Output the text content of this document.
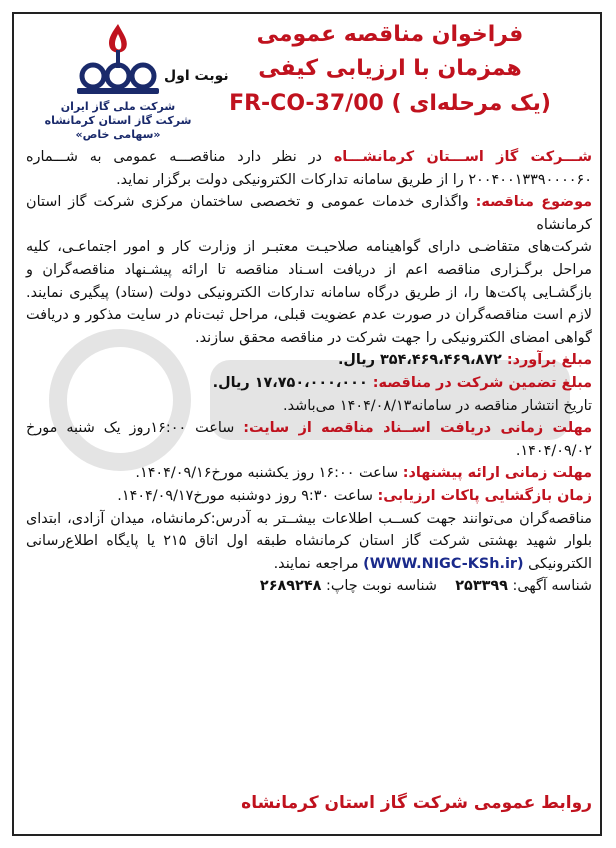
شرکت ملی گاز ایران
شرکت گاز استان کرمانشاه
«سهامی خاص»
نوبت اول
فراخوان مناقصه عمومی
همزمان با ارزیابی کیفی
(یک مرحله‌ای ) FR-CO-37/00

شـــرکت گاز اســـتان کرمانشـــاه در نظر دارد مناقصـــه عمومی به شـــماره ۲۰۰۴۰۰۱۳۳۹۰۰۰۰۶۰ را از طریق سامانه تدارکات الکترونیکی دولت برگزار نماید.

موضوع مناقصه: واگذاری خدمات عمومی و تخصصی ساختمان مرکزی شرکت گاز استان کرمانشاه

شرکت‌های متقاضـی دارای گواهینامه صلاحیـت معتبـر از وزارت کار و امور اجتماعـی، کلیه مراحل برگـزاری مناقصه اعم از دریافت اسـناد مناقصه تا ارائه پیشـنهاد مناقصه‌گران و بازگشـایی پاکت‌ها را، از طریق درگاه سامانه تدارکات الکترونیکی دولت (ستاد) پیگیری نمایند. لازم است مناقصه‌گران در صورت عدم عضویت قبلی، مراحل ثبت‌نام در سایت مذکور و دریافت گواهی امضای الکترونیکی را جهت شرکت در مناقصه محقق سازند.

مبلغ برآورد: ۳۵۴،۴۶۹،۴۶۹،۸۷۲ ریال.

مبلغ تضمین شرکت در مناقصه: ۱۷،۷۵۰،۰۰۰،۰۰۰ ریال.

تاریخ انتشار مناقصه در سامانه۱۴۰۴/۰۸/۱۳ می‌باشد.

مهلت زمانی دریافت اســناد مناقصه از سایت: ساعت ۱۶:۰۰روز یک شنبه مورخ ۱۴۰۴/۰۹/۰۲.

مهلت زمانی ارائه پیشنهاد: ساعت ۱۶:۰۰ روز یکشنبه مورخ۱۴۰۴/۰۹/۱۶.

زمان بازگشایی پاکات ارزیابی: ساعت ۹:۳۰ روز دوشنبه مورخ۱۴۰۴/۰۹/۱۷.

مناقصه‌گران می‌توانند جهت کســب اطلاعات بیشــتر به آدرس:کرمانشاه، میدان آزادی، ابتدای بلوار شهید بهشتی شرکت گاز استان کرمانشاه طبقه اول اتاق ۲۱۵ یا پایگاه اطلاع‌رسانی الکترونیکی (WWW.NIGC-KSh.ir) مراجعه نمایند.

شناسه آگهی: ۲۵۳۳۹۹    شناسه نوبت چاپ: ۲۶۸۹۲۴۸

روابط عمومی شرکت گاز استان کرمانشاه
